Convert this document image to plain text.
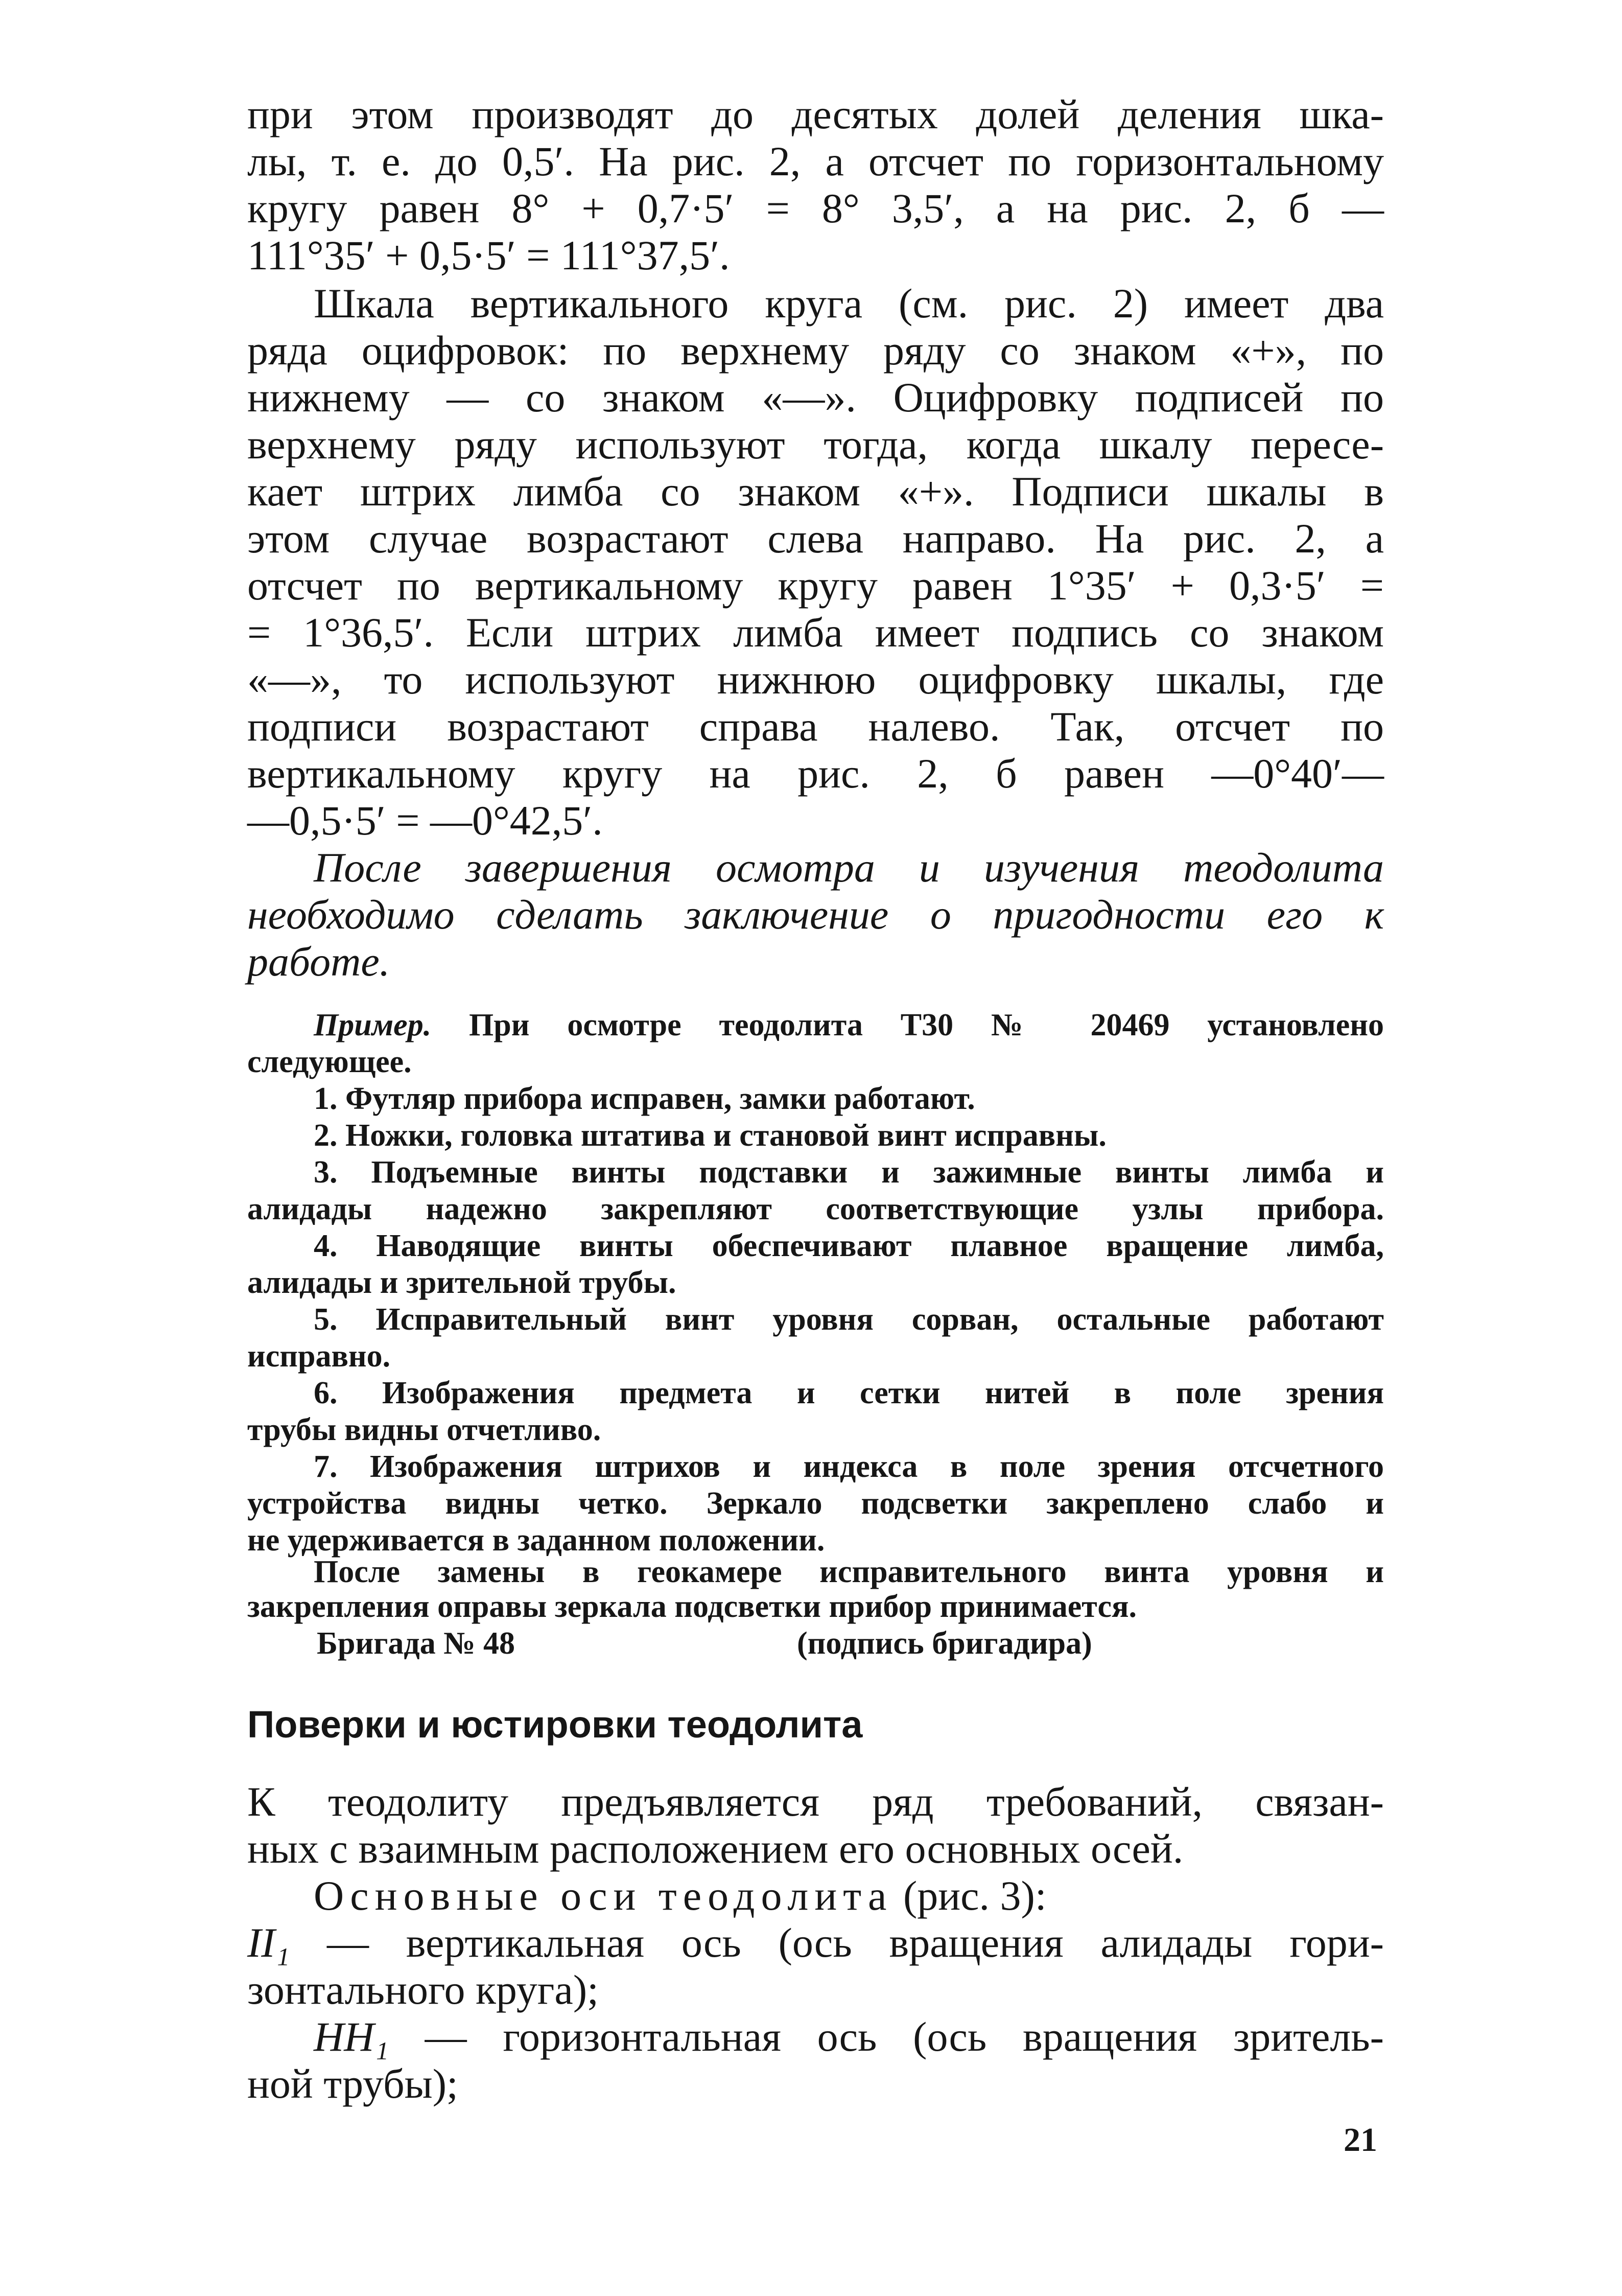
при этом производят до десятых долей деления шка-
лы, т. е. до 0,5′. На рис. 2, а отсчет по горизонтальному
кругу равен 8° + 0,7·5′ = 8° 3,5′, а на рис. 2, б —
111°35′ + 0,5·5′ = 111°37,5′.
Шкала вертикального круга (см. рис. 2) имеет два
ряда оцифровок: по верхнему ряду со знаком «+», по
нижнему — со знаком «—». Оцифровку подписей по
верхнему ряду используют тогда, когда шкалу пересе-
кает штрих лимба со знаком «+». Подписи шкалы в
этом случае возрастают слева направо. На рис. 2, а
отсчет по вертикальному кругу равен 1°35′ + 0,3·5′ =
= 1°36,5′. Если штрих лимба имеет подпись со знаком
«—», то используют нижнюю оцифровку шкалы, где
подписи возрастают справа налево. Так, отсчет по
вертикальному кругу на рис. 2, б равен —0°40′—
—0,5·5′ = —0°42,5′.
После завершения осмотра и изучения теодолита
необходимо сделать заключение о пригодности его к
работе.
Пример. При осмотре теодолита Т30 № 20469 установлено
следующее.
1. Футляр прибора исправен, замки работают.
2. Ножки, головка штатива и становой винт исправны.
3. Подъемные винты подставки и зажимные винты лимба и
алидады надежно закрепляют соответствующие узлы прибора.
4. Наводящие винты обеспечивают плавное вращение лимба,
алидады и зрительной трубы.
5. Исправительный винт уровня сорван, остальные работают
исправно.
6. Изображения предмета и сетки нитей в поле зрения
трубы видны отчетливо.
7. Изображения штрихов и индекса в поле зрения отсчетного
устройства видны четко. Зеркало подсветки закреплено слабо и
не удерживается в заданном положении.
После замены в геокамере исправительного винта уровня и
закрепления оправы зеркала подсветки прибор принимается.
Бригада № 48	(подпись бригадира)
Поверки и юстировки теодолита
К теодолиту предъявляется ряд требований, связан-
ных с взаимным расположением его основных осей.
Основные оси теодолита (рис. 3):
II₁ — вертикальная ось (ось вращения алидады гори-
зонтального круга);
HH₁ — горизонтальная ось (ось вращения зритель-
ной трубы);
21
